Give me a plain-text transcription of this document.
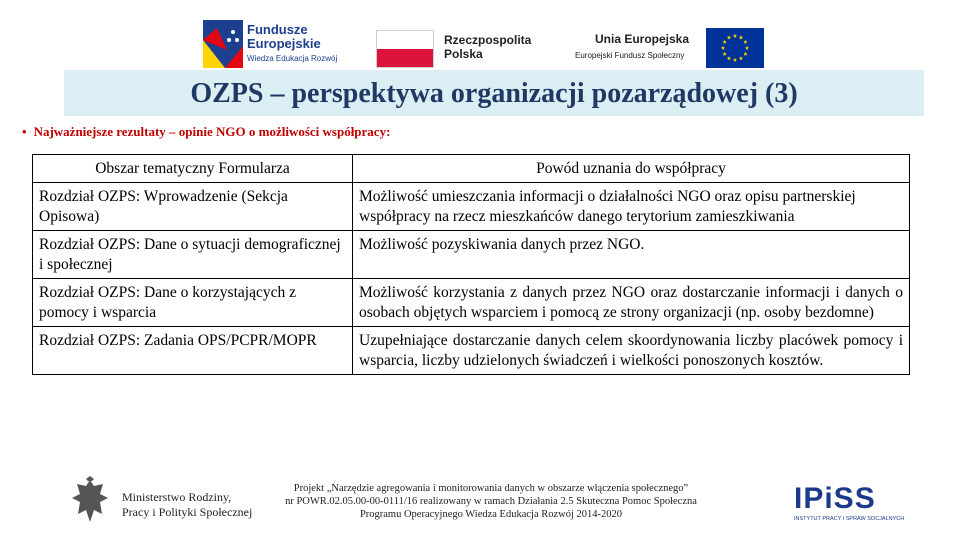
Fundusze
Europejskie
Wiedza Edukacja Rozwój
Rzeczpospolita
Polska
Unia Europejska
Europejski Fundusz Społeczny
OZPS – perspektywa organizacji pozarządowej (3)
• Najważniejsze rezultaty – opinie NGO o możliwości współpracy:
Obszar tematyczny Formularza	Powód uznania do współpracy
Rozdział OZPS: Wprowadzenie (Sekcja Opisowa)	Możliwość umieszczania informacji o działalności NGO oraz opisu partnerskiej współpracy na rzecz mieszkańców danego terytorium zamieszkiwania
Rozdział OZPS: Dane o sytuacji demograficznej i społecznej	Możliwość pozyskiwania danych przez NGO.
Rozdział OZPS: Dane o korzystających z pomocy i wsparcia	Możliwość korzystania z danych przez NGO oraz dostarczanie informacji i danych o osobach objętych wsparciem i pomocą ze strony organizacji (np. osoby bezdomne)
Rozdział OZPS: Zadania OPS/PCPR/MOPR	Uzupełniające dostarczanie danych celem skoordynowania liczby placówek pomocy i wsparcia, liczby udzielonych świadczeń i wielkości ponoszonych kosztów.
Ministerstwo Rodziny,
Pracy i Polityki Społecznej
Projekt „Narzędzie agregowania i monitorowania danych w obszarze włączenia społecznego”
nr POWR.02.05.00-00-0111/16 realizowany w ramach Działania 2.5 Skuteczna Pomoc Społeczna
Programu Operacyjnego Wiedza Edukacja Rozwój 2014-2020	IPiSS
INSTYTUT PRACY I SPRAW SOCJALNYCH
